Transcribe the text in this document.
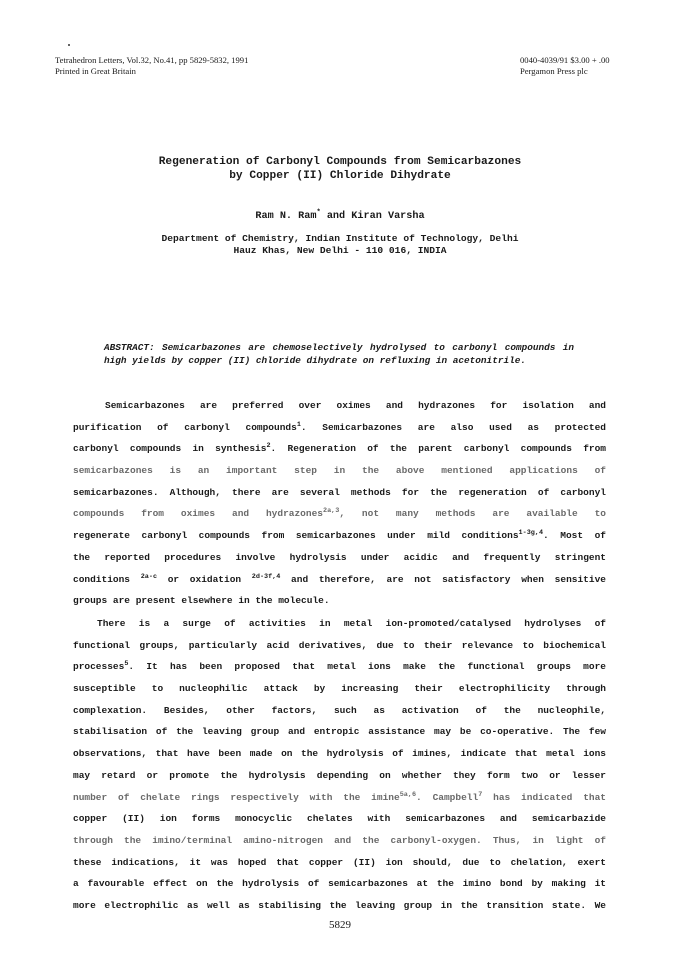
Tetrahedron Letters, Vol.32, No.41, pp 5829-5832, 1991
Printed in Great Britain
0040-4039/91 $3.00 + .00
Pergamon Press plc
Regeneration of Carbonyl Compounds from Semicarbazones
by Copper (II) Chloride Dihydrate
Ram N. Ram* and Kiran Varsha
Department of Chemistry, Indian Institute of Technology, Delhi
Hauz Khas, New Delhi - 110 016, INDIA
ABSTRACT: Semicarbazones are chemoselectively hydrolysed to carbonyl compounds in high yields by copper (II) chloride dihydrate on refluxing in acetonitrile.
Semicarbazones are preferred over oximes and hydrazones for isolation and
purification of carbonyl compounds$^1$. Semicarbazones are also used as protected
carbonyl compounds in synthesis$^2$. Regeneration of the parent carbonyl compounds from
semicarbazones is an important step in the above mentioned applications of
semicarbazones. Although, there are several methods for the regeneration of carbonyl
compounds from oximes and hydrazones$^{2a,3}$, not many methods are available to
regenerate carbonyl compounds from semicarbazones under mild conditions$^{1-3g,4}$. Most of
the reported procedures involve hydrolysis under acidic and frequently stringent
conditions $^{2a-c}$ or oxidation $^{2d-3f,4}$ and therefore, are not satisfactory when sensitive
groups are present elsewhere in the molecule.
There is a surge of activities in metal ion-promoted/catalysed hydrolyses of
functional groups, particularly acid derivatives, due to their relevance to biochemical
processes$^5$. It has been proposed that metal ions make the functional groups more
susceptible to nucleophilic attack by increasing their electrophilicity through
complexation. Besides, other factors, such as activation of the nucleophile,
stabilisation of the leaving group and entropic assistance may be co-operative. The few
observations, that have been made on the hydrolysis of imines, indicate that metal ions
may retard or promote the hydrolysis depending on whether they form two or lesser
number of chelate rings respectively with the imine$^{5a,6}$. Campbell$^7$ has indicated that
copper (II) ion forms monocyclic chelates with semicarbazones and semicarbazide
through the imino/terminal amino-nitrogen and the carbonyl-oxygen. Thus, in light of
these indications, it was hoped that copper (II) ion should, due to chelation, exert
a favourable effect on the hydrolysis of semicarbazones at the imino bond by making it
more electrophilic as well as stabilising the leaving group in the transition state. We
5829
